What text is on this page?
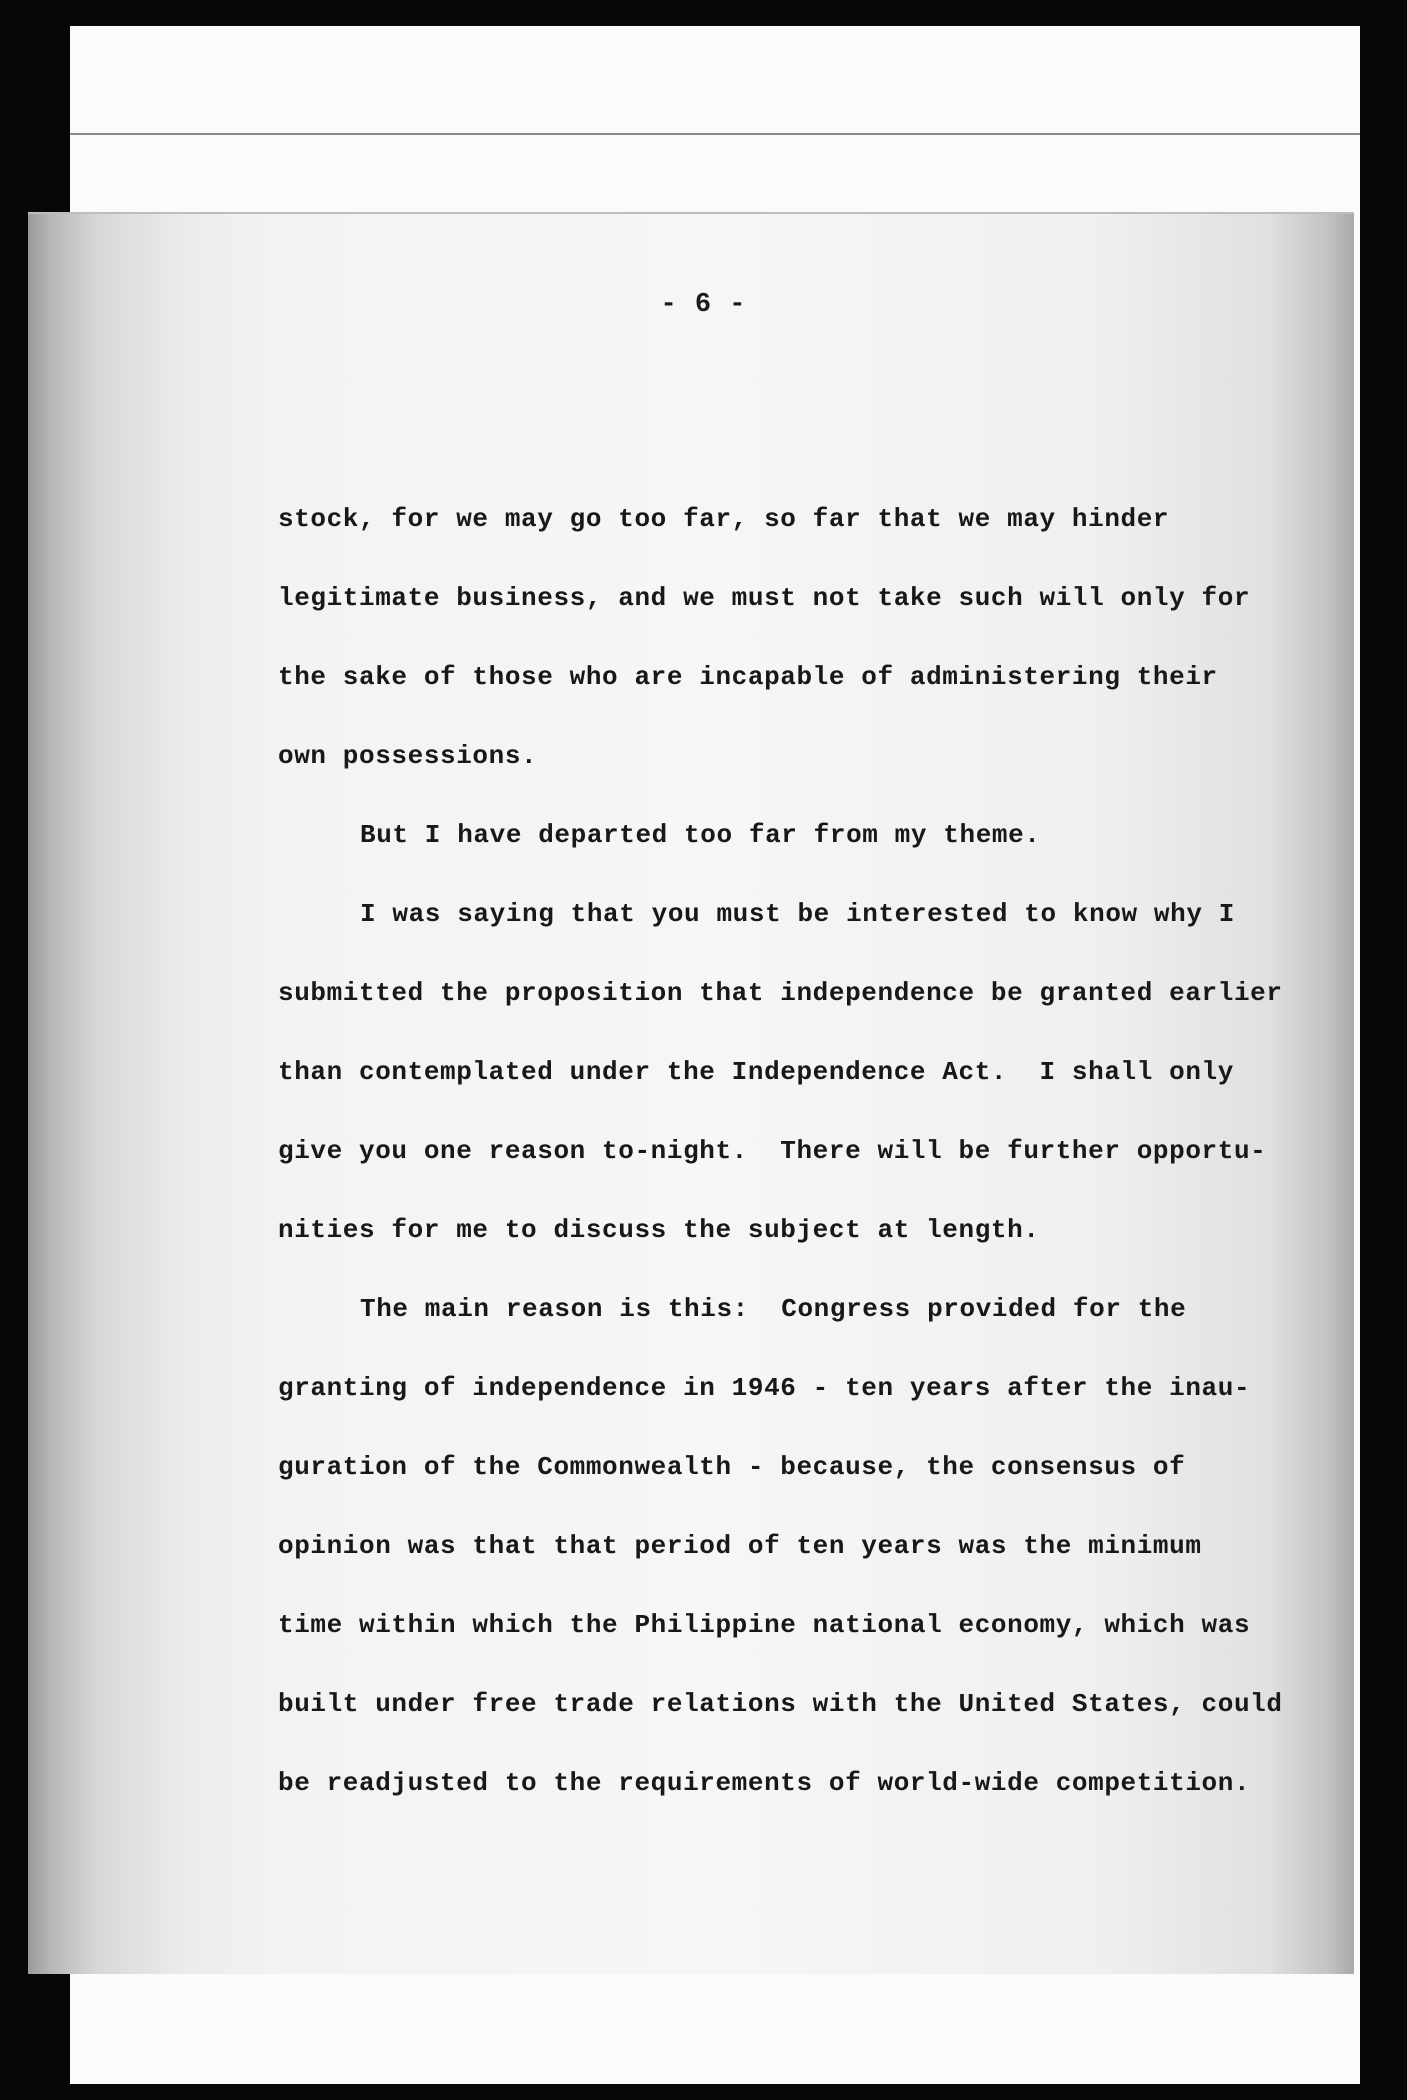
- 6 -
stock, for we may go too far, so far that we may hinder
legitimate business, and we must not take such will only for
the sake of those who are incapable of administering their
own possessions.
But I have departed too far from my theme.
I was saying that you must be interested to know why I
submitted the proposition that independence be granted earlier
than contemplated under the Independence Act.  I shall only
give you one reason to-night.  There will be further opportu-
nities for me to discuss the subject at length.
The main reason is this:  Congress provided for the
granting of independence in 1946 - ten years after the inau-
guration of the Commonwealth - because, the consensus of
opinion was that that period of ten years was the minimum
time within which the Philippine national economy, which was
built under free trade relations with the United States, could
be readjusted to the requirements of world-wide competition.
